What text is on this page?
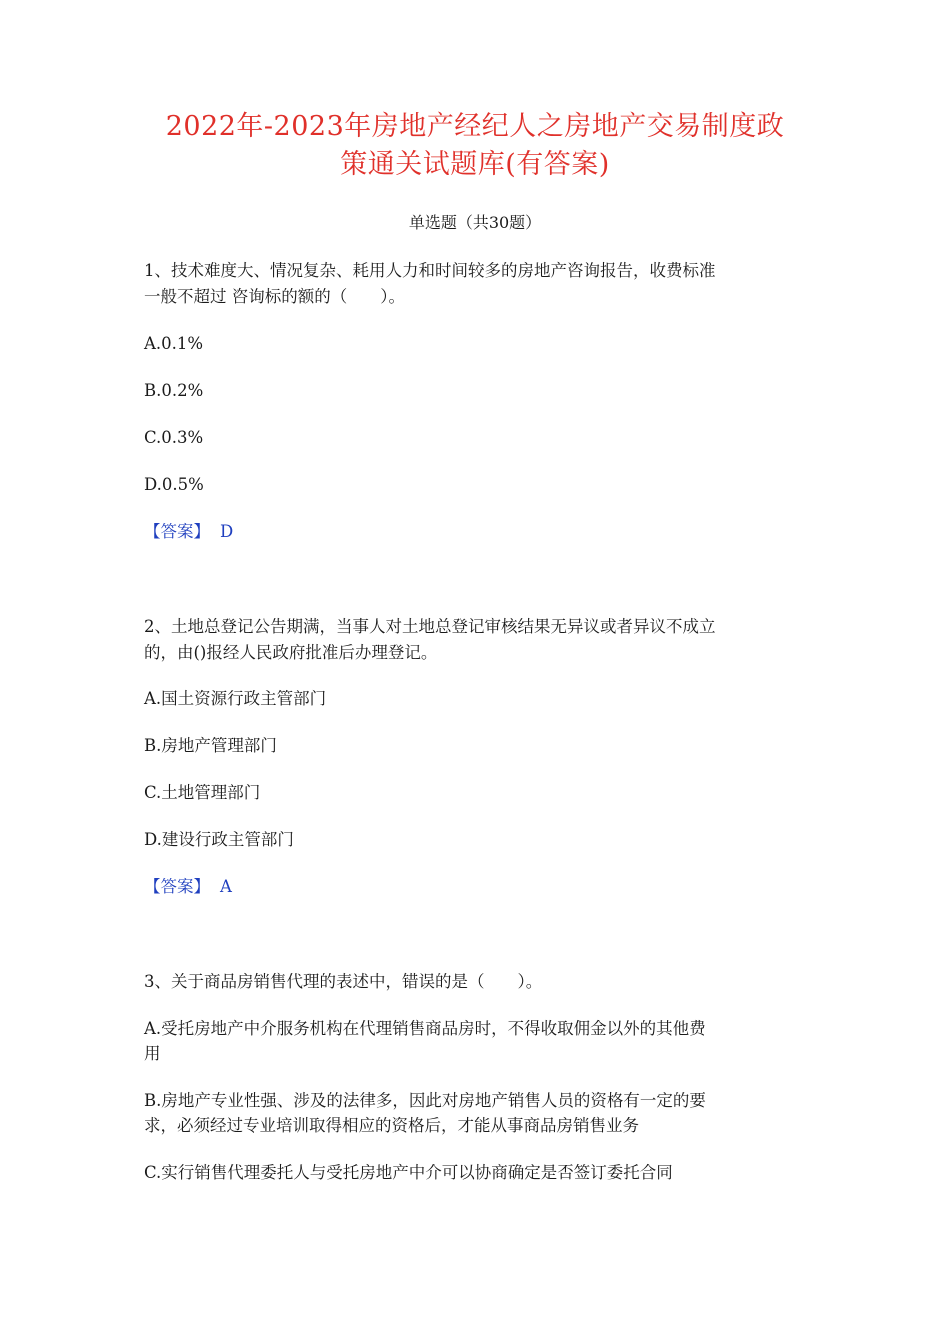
2022年-2023年房地产经纪人之房地产交易制度政
策通关试题库(有答案)
单选题（共30题）
1、技术难度大、情况复杂、耗用人力和时间较多的房地产咨询报告，收费标准
一般不超过 咨询标的额的（　　）。
A.0.1%
B.0.2%
C.0.3%
D.0.5%
【答案】 D
2、土地总登记公告期满，当事人对土地总登记审核结果无异议或者异议不成立
的，由()报经人民政府批准后办理登记。
A.国土资源行政主管部门
B.房地产管理部门
C.土地管理部门
D.建设行政主管部门
【答案】 A
3、关于商品房销售代理的表述中，错误的是（　　）。
A.受托房地产中介服务机构在代理销售商品房时，不得收取佣金以外的其他费
用
B.房地产专业性强、涉及的法律多，因此对房地产销售人员的资格有一定的要
求，必须经过专业培训取得相应的资格后，才能从事商品房销售业务
C.实行销售代理委托人与受托房地产中介可以协商确定是否签订委托合同
